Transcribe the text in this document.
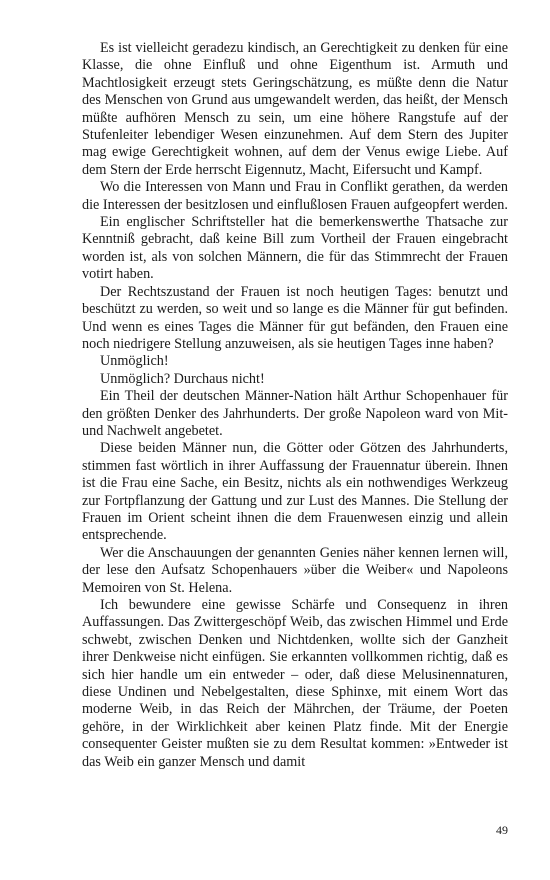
Es ist vielleicht geradezu kindisch, an Gerechtigkeit zu denken für eine Klasse, die ohne Einfluß und ohne Eigenthum ist. Armuth und Machtlosigkeit erzeugt stets Geringschätzung, es müßte denn die Natur des Menschen von Grund aus umgewandelt werden, das heißt, der Mensch müßte aufhören Mensch zu sein, um eine höhere Rangstufe auf der Stufenleiter lebendiger Wesen einzunehmen. Auf dem Stern des Jupiter mag ewige Gerechtigkeit wohnen, auf dem der Venus ewige Liebe. Auf dem Stern der Erde herrscht Eigennutz, Macht, Eifersucht und Kampf.

Wo die Interessen von Mann und Frau in Conflikt gerathen, da werden die Interessen der besitzlosen und einflußlosen Frauen aufgeopfert werden.

Ein englischer Schriftsteller hat die bemerkenswerthe Thatsache zur Kenntniß gebracht, daß keine Bill zum Vortheil der Frauen eingebracht worden ist, als von solchen Männern, die für das Stimmrecht der Frauen votirt haben.

Der Rechtszustand der Frauen ist noch heutigen Tages: benutzt und beschützt zu werden, so weit und so lange es die Männer für gut befinden. Und wenn es eines Tages die Männer für gut befänden, den Frauen eine noch niedrigere Stellung anzuweisen, als sie heutigen Tages inne haben?

Unmöglich!

Unmöglich? Durchaus nicht!

Ein Theil der deutschen Männer-Nation hält Arthur Schopenhauer für den größten Denker des Jahrhunderts. Der große Napoleon ward von Mit- und Nachwelt angebetet.

Diese beiden Männer nun, die Götter oder Götzen des Jahrhunderts, stimmen fast wörtlich in ihrer Auffassung der Frauennatur überein. Ihnen ist die Frau eine Sache, ein Besitz, nichts als ein nothwendiges Werkzeug zur Fortpflanzung der Gattung und zur Lust des Mannes. Die Stellung der Frauen im Orient scheint ihnen die dem Frauenwesen einzig und allein entsprechende.

Wer die Anschauungen der genannten Genies näher kennen lernen will, der lese den Aufsatz Schopenhauers »über die Weiber« und Napoleons Memoiren von St. Helena.

Ich bewundere eine gewisse Schärfe und Consequenz in ihren Auffassungen. Das Zwittergeschöpf Weib, das zwischen Himmel und Erde schwebt, zwischen Denken und Nichtdenken, wollte sich der Ganzheit ihrer Denkweise nicht einfügen. Sie erkannten vollkommen richtig, daß es sich hier handle um ein entweder – oder, daß diese Melusinennaturen, diese Undinen und Nebelgestalten, diese Sphinxe, mit einem Wort das moderne Weib, in das Reich der Mährchen, der Träume, der Poeten gehöre, in der Wirklichkeit aber keinen Platz finde. Mit der Energie consequenter Geister mußten sie zu dem Resultat kommen: »Entweder ist das Weib ein ganzer Mensch und damit

49
